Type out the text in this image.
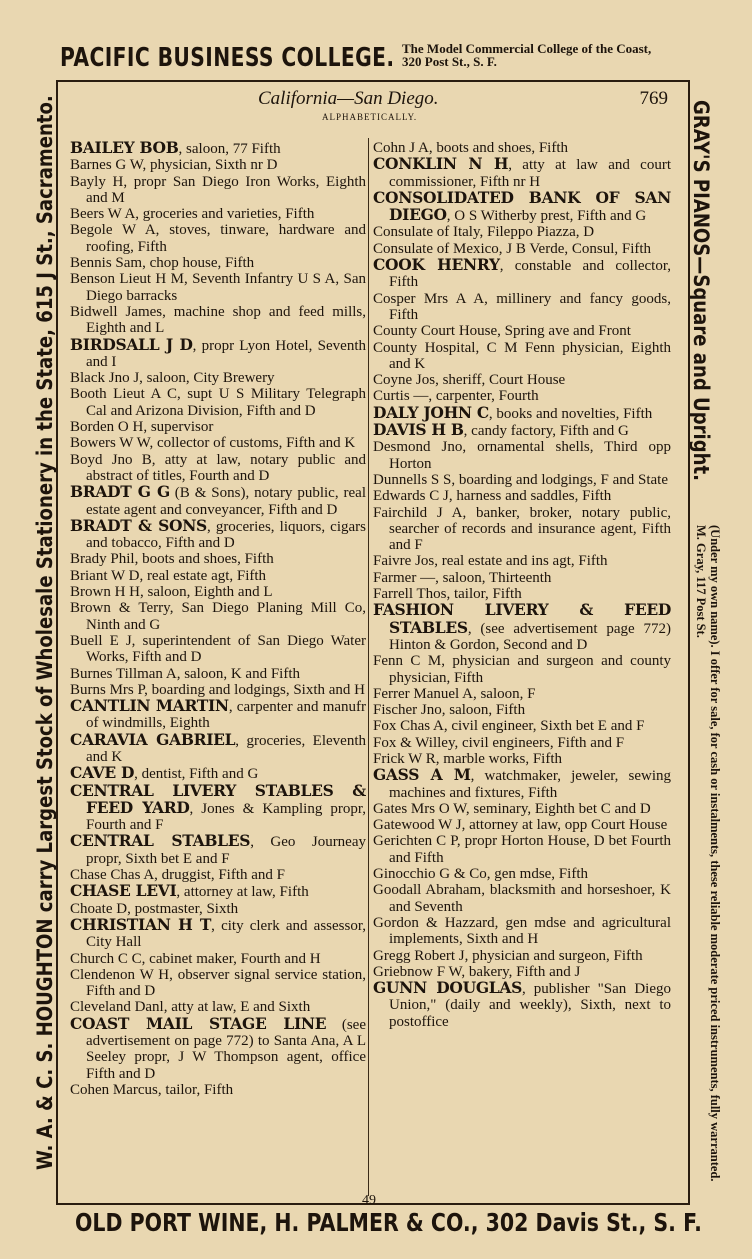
PACIFIC BUSINESS COLLEGE. The Model Commercial College of the Coast, 320 Post St., S. F.
W. A. & C. S. HOUGHTON carry Largest Stock of Wholesale Stationery in the State, 615 J St., Sacramento.	GRAY'S PIANOS—Square and Upright.
(Under my own name). I offer for sale, for cash or instalments, these reliable moderate priced instruments, fully warranted. M. Gray, 117 Post St.
California—San Diego.	769
ALPHABETICALLY.

BAILEY BOB, saloon, 77 Fifth

Barnes G W, physician, Sixth nr D

Bayly H, propr San Diego Iron Works, Eighth and M

Beers W A, groceries and varieties, Fifth

Begole W A, stoves, tinware, hardware and roofing, Fifth

Bennis Sam, chop house, Fifth

Benson Lieut H M, Seventh Infantry U S A, San Diego barracks

Bidwell James, machine shop and feed mills, Eighth and L

BIRDSALL J D, propr Lyon Hotel, Seventh and I

Black Jno J, saloon, City Brewery

Booth Lieut A C, supt U S Military Telegraph Cal and Arizona Division, Fifth and D

Borden O H, supervisor

Bowers W W, collector of customs, Fifth and K

Boyd Jno B, atty at law, notary public and abstract of titles, Fourth and D

BRADT G G (B & Sons), notary public, real estate agent and conveyancer, Fifth and D

BRADT & SONS, groceries, liquors, cigars and tobacco, Fifth and D

Brady Phil, boots and shoes, Fifth

Briant W D, real estate agt, Fifth

Brown H H, saloon, Eighth and L

Brown & Terry, San Diego Planing Mill Co, Ninth and G

Buell E J, superintendent of San Diego Water Works, Fifth and D

Burnes Tillman A, saloon, K and Fifth

Burns Mrs P, boarding and lodgings, Sixth and H

CANTLIN MARTIN, carpenter and manufr of windmills, Eighth

CARAVIA GABRIEL, groceries, Eleventh and K

CAVE D, dentist, Fifth and G

CENTRAL LIVERY STABLES & FEED YARD, Jones & Kampling propr, Fourth and F

CENTRAL STABLES, Geo Journeay propr, Sixth bet E and F

Chase Chas A, druggist, Fifth and F

CHASE LEVI, attorney at law, Fifth

Choate D, postmaster, Sixth

CHRISTIAN H T, city clerk and assessor, City Hall

Church C C, cabinet maker, Fourth and H

Clendenon W H, observer signal service station, Fifth and D

Cleveland Danl, atty at law, E and Sixth

COAST MAIL STAGE LINE (see advertisement on page 772) to Santa Ana, A L Seeley propr, J W Thompson agent, office Fifth and D

Cohen Marcus, tailor, Fifth

Cohn J A, boots and shoes, Fifth

CONKLIN N H, atty at law and court commissioner, Fifth nr H

CONSOLIDATED BANK OF SAN DIEGO, O S Witherby prest, Fifth and G

Consulate of Italy, Fileppo Piazza, D

Consulate of Mexico, J B Verde, Consul, Fifth

COOK HENRY, constable and collector, Fifth

Cosper Mrs A A, millinery and fancy goods, Fifth

County Court House, Spring ave and Front

County Hospital, C M Fenn physician, Eighth and K

Coyne Jos, sheriff, Court House

Curtis —, carpenter, Fourth

DALY JOHN C, books and novelties, Fifth

DAVIS H B, candy factory, Fifth and G

Desmond Jno, ornamental shells, Third opp Horton

Dunnells S S, boarding and lodgings, F and State

Edwards C J, harness and saddles, Fifth

Fairchild J A, banker, broker, notary public, searcher of records and insurance agent, Fifth and F

Faivre Jos, real estate and ins agt, Fifth

Farmer —, saloon, Thirteenth

Farrell Thos, tailor, Fifth

FASHION LIVERY & FEED STABLES, (see advertisement page 772) Hinton & Gordon, Second and D

Fenn C M, physician and surgeon and county physician, Fifth

Ferrer Manuel A, saloon, F

Fischer Jno, saloon, Fifth

Fox Chas A, civil engineer, Sixth bet E and F

Fox & Willey, civil engineers, Fifth and F

Frick W R, marble works, Fifth

GASS A M, watchmaker, jeweler, sewing machines and fixtures, Fifth

Gates Mrs O W, seminary, Eighth bet C and D

Gatewood W J, attorney at law, opp Court House

Gerichten C P, propr Horton House, D bet Fourth and Fifth

Ginocchio G & Co, gen mdse, Fifth

Goodall Abraham, blacksmith and horseshoer, K and Seventh

Gordon & Hazzard, gen mdse and agricultural implements, Sixth and H

Gregg Robert J, physician and surgeon, Fifth

Griebnow F W, bakery, Fifth and J

GUNN DOUGLAS, publisher "San Diego Union," (daily and weekly), Sixth, next to postoffice

49
OLD PORT WINE, H. PALMER & CO., 302 Davis St., S. F.
